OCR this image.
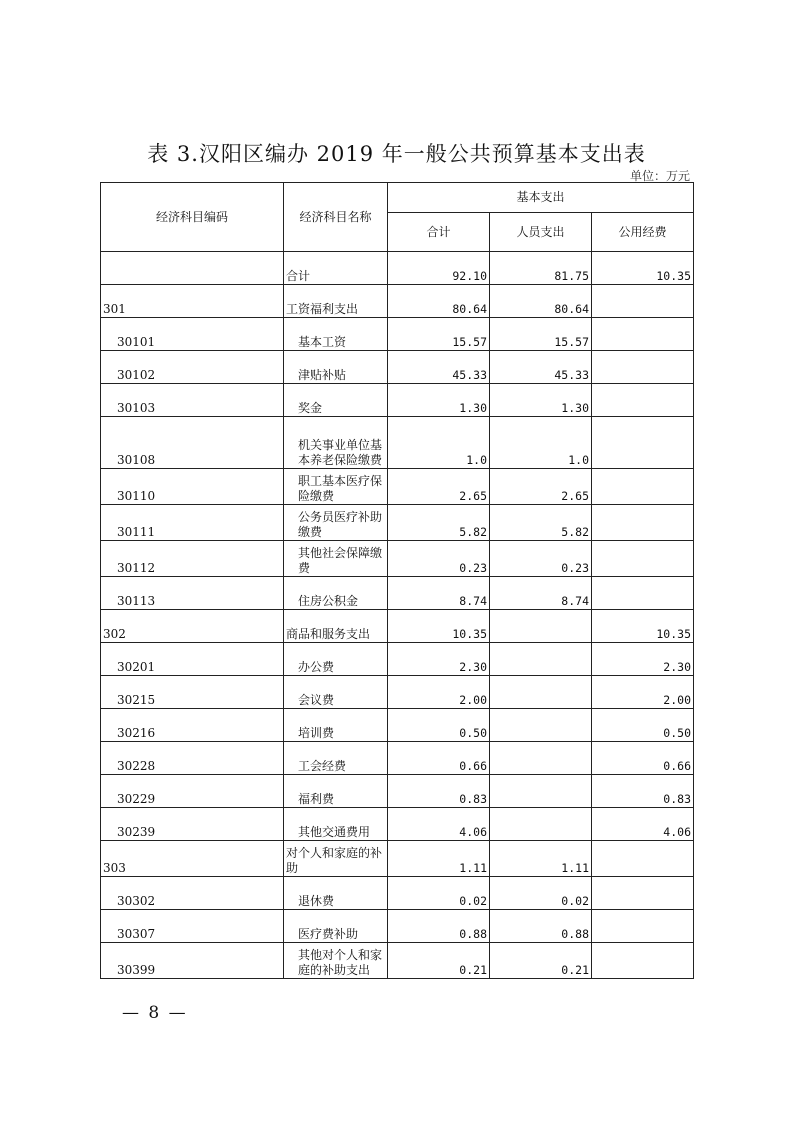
表 3.汉阳区编办 2019 年一般公共预算基本支出表
单位：万元
经济科目编码	经济科目名称	基本支出		
		合计	人员支出	公用经费
	合计	92.10	81.75	10.35
301	工资福利支出	80.64	80.64	
30101	基本工资	15.57	15.57	
30102	津贴补贴	45.33	45.33	
30103	奖金	1.30	1.30	
30108	机关事业单位基本养老保险缴费	1.0	1.0	
30110	职工基本医疗保险缴费	2.65	2.65	
30111	公务员医疗补助缴费	5.82	5.82	
30112	其他社会保障缴费	0.23	0.23	
30113	住房公积金	8.74	8.74	
302	商品和服务支出	10.35		10.35
30201	办公费	2.30		2.30
30215	会议费	2.00		2.00
30216	培训费	0.50		0.50
30228	工会经费	0.66		0.66
30229	福利费	0.83		0.83
30239	其他交通费用	4.06		4.06
303	对个人和家庭的补助	1.11	1.11	
30302	退休费	0.02	0.02	
30307	医疗费补助	0.88	0.88	
30399	其他对个人和家庭的补助支出	0.21	0.21	
— 8 —
